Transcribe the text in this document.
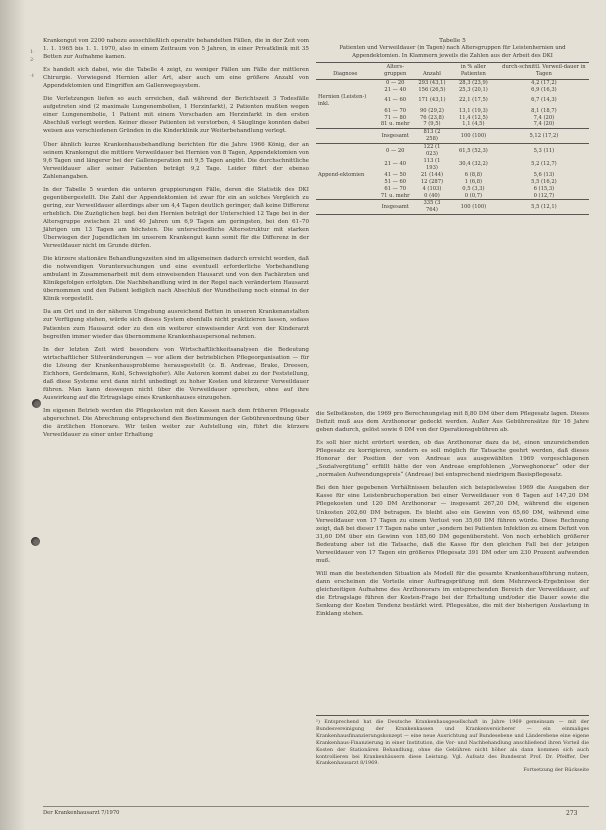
1·
2·

·ℓ

Krankengut von 2200 nahezu ausschließlich operativ behandelten Fällen, die in der Zeit vom 1. 1. 1965 bis 1. 1. 1970, also in einem Zeitraum von 5 Jahren, in einer Privatklinik mit 35 Betten zur Aufnahme kamen.

Es handelt sich dabei, wie die Tabelle 4 zeigt, zu weniger Fällen um Fälle der mittleren Chirurgie. Vorwiegend Hernien aller Art, aber auch um eine größere Anzahl von Appendektomien und Eingriffen am Gallenwegssystem.

Die Verletzungen liefen so auch erreichen, daß während der Berichtszeit 3 Todesfälle aufgetreten sind (2 maximale Lungenembolien, 1 Herzinfarkt), 2 Patienten mußten wegen einer Lungenembolie, 1 Patient mit einem Vorschaden am Herzinfarkt in den ersten Abschluß verlegt werden. Keiner dieser Patienten ist verstorben, 4 Säuglinge konnten dabei weisen aus verschiedenen Gründen in die Kinderklinik zur Weiterbehandlung verlegt.

Über ähnlich kurze Krankenhausbehandlung berichten für die Jahre 1966 König, der an seinem Krankengut die mittlere Verweildauer bei Hernien von 8 Tagen, Appendektomien von 9,6 Tagen und längerer bei der Gallenoperation mit 9,5 Tagen angibt. Die durchschnittliche Verweildauer aller seiner Patienten beträgt 9,2 Tage. Leider führt der ebenso Zahlenangaben.

In der Tabelle 5 wurden die unteren gruppierungen Fälle, deren die Statistik des DKI gegenübergestellt. Die Zahl der Appendektomien ist zwar für ein an solches Vergleich zu gering, zur Verweildauer allerdings aber um 4,4 Tagen deutlich geringer, daß keine Differenz erheblich. Die Zuzüglichen bzgl. bei den Hernien beträgt der Unterschied 12 Tage bei in der Altersgruppe zwischen 21 und 40 Jahren um 6,9 Tagen am geringsten, bei den 61–70 Jährigen um 13 Tagen am höchsten. Die unterschiedliche Altersstruktur mit starken Überwiegen der Jugendlichen im unserem Krankengut kann somit für die Differenz in der Verweildauer nicht im Grunde dürfen.

Die kürzere stationäre Behandlungszeiten sind im allgemeinen dadurch erreicht worden, daß die notwendigen Voruntersuchungen und eine eventuell erforderliche Vorbehandlung ambulant in Zusammenarbeit mit dem einweisenden Hausarzt und von den Fachärzten und Klinikgefolgen erfolgten. Die Nachbehandlung wird in der Regel nach verändertem Hausarzt übernommen und den Patient lediglich nach Abschluß der Wundheilung noch einmal in der Klinik vorgestellt.

Da am Ort und in der näheren Umgebung ausreichend Betten in unseren Krankenanstalten zur Verfügung stehen, würde sich dieses System ebenfalls nicht praktizieren lassen, sodass Patienten zum Hausarzt oder zu den ein weiterer einweisender Arzt von der Kinderarzt begreifen immer wieder das übernommene Krankenhauspersonal nehmen.

In der letzten Zeit wird besonders von Wirtschaftlichkeitsanalysen die Bedeutung wirtschaftlicher Stilveränderungen — vor allem der betrieblichen Pflegeorganisation — für die Lösung der Krankenhausprobleme herausgestellt (z. B. Andreae, Brake, Dreesen, Eichhorn, Gerdelmann, Kohl, Schweighofer). Alle Autoren kommt dabei zu der Feststellung, daß diese Systeme erst dann nicht unbedingt zu hoher Kosten und kürzerer Verweildauer führen. Man kann deswegen nicht über die Verweildauer sprechen, ohne auf ihre Auswirkung auf die Ertragslage eines Krankenhauses einzugehen.

Im eigenen Betrieb werden die Pflegekosten mit den Kassen nach dem früheren Pflegesatz abgerechnet. Die Abrechnung entsprechend den Bestimmungen der Gebührenordnung über die ärztlichen Honorare. Wir teilen weiter zur Aufstellung ein, führt die kürzere Verweildauer zu einer unter Erhaltung

Tabelle 5
Patienten und Verweildauer (in Tagen) nach Altersgruppen für Leistenhernien und Appendektomien. In Klammern jeweils die Zahlen aus der Arbeit des DKI
Diagnose	Alters-gruppen	Anzahl	in % aller Patienten	durch-schnittl. Verweil-dauer in Tagen
	0 — 20	293 (43,1)	28,3 (23,9)	4,2 (17,2)
	21 — 40	156 (26,5)	25,3 (20,1)	6,9 (16,3)
Hernien (Leisten-) inkl.	41 — 60	171 (43,1)	22,1 (17,5)	6,7 (14,3)
	61 — 70	90 (29,2)	13,1 (19,3)	8,1 (18,7)
	71 — 80	76 (23,8)	11,4 (12,5)	7,4 (20)
	81 u. mehr	7 (9,5)	1,1 (4,5)	7,4 (20)
	Insgesamt	813 (2 258)	100 (100)	5,12 (17,2)
	0 — 20	122 (1 023)	61,5 (52,3)	5,3 (11)
	21 — 40	113 (1 193)	30,4 (32,2)	5,2 (12,7)
Append-ektomien	41 — 50	21 (144)	6 (8,8)	5,6 (13)
	51 — 60	12 (287)	1 (6,8)	5,5 (16,2)
	61 — 70	4 (103)	0,5 (3,3)	6 (15,3)
	71 u. mehr	0 (40)	0 (0,7)	0 (12,7)
	Insgesamt	335 (3 764)	100 (100)	5,5 (12,1)

die Selbstkosten, die 1969 pro Berechnungstag mit 8,80 DM über dem Pflegesatz lagen. Dieses Defizit muß aus dem Arzthonorar gedeckt werden. Außer Aus Gebührensätze für 16 Jahre geben dadurch, gelöst sowie 6 DM von der Operationsgebühren ab.

Es soll hier nicht erörtert werden, ob das Arzthonorar dazu da ist, einen unzureichenden Pflegesatz zu korrigieren, sondern es soll möglich für Tatsache geehrt werden, daß dieses Honorar der Position der von Andreae aus ausgewählten 1969 vorgeschlagenen „Sozialvergütung“ erfüllt hätte der von Andreae empfohlenen „Vorweghonorar“ oder der „normalen Aufwendungspreis“ (Andreae) bei entsprechend niedrigem Basispflegesatz.

Bei den hier gegebenen Verhältnissen belaufen sich beispielsweise 1969 die Ausgaben der Kasse für eine Leistenbruchoperation bei einer Verweildauer von 6 Tagen auf 147,20 DM Pflegekosten und 120 DM Arzthonorar — insgesamt 267,20 DM, während die eigenen Unkosten 202,60 DM betragen. Es bleibt also ein Gewinn von 65,60 DM, während eine Verweildauer von 17 Tagen zu einem Verlust von 35,60 DM führen würde. Diese Rechnung zeigt, daß bei dieser 17 Tagen nahe unter „sondern bei Patienten Infektion zu einem Defizit von 31,60 DM über ein Gewinn von 185,60 DM gegenübersteht. Von noch erheblich größerer Bedeutung aber ist die Tatsache, daß die Kasse für den gleichen Fall bei der jetzigen Verweildauer von 17 Tagen ein größeres Pflegesatz 391 DM oder um 230 Prozent aufwenden muß.

Will man die bestehenden Situation als Modell für die gesamte Krankenhausführung nutzen, dann erscheinen die Vorteile einer Auftragsprüfung mit dem Mehrzweck-Ergebnisse der gleichzeitigen Aufnahme des Arzthonorars im entsprechenden Bereich der Verweildauer, auf die Ertragslage führen der Kosten-Frage bei der Erhaltung und/oder die Dauer sowie die Senkung der Kosten Tendenz bestärkt wird. Pflegesätze, die mit der bisherigen Auslastung in Einklang stehen.

¹) Entsprechend hat die Deutsche Krankenhausgesellschaft in Jahre 1969 gemeinsam — mit der Bundesvereinigung der Krankenkassen und Krankenversicherer — ein einmaliges Krankenhausfinanzierungskonzept — eine neue Ausrichtung auf Bundesebene und Länderebene eine eigene Krankenhaus-Finanzierung in einer Institution, die Vor- und Nachbehandlung anschließend ihren Vorteil die Kosten der Stationären Behandlung, ohne die Gebühren nicht höher als dann kommen sich auch kontrollieren bei Krankenhäusern diese Leistung. Vgl. Aufsatz des Bundesrat Prof. Dr. Pfeiffer, Der Krankenhausarzt 8/1969.
Fortsetzung der Rückseite
Der Krankenhausarzt 7/1970	273
